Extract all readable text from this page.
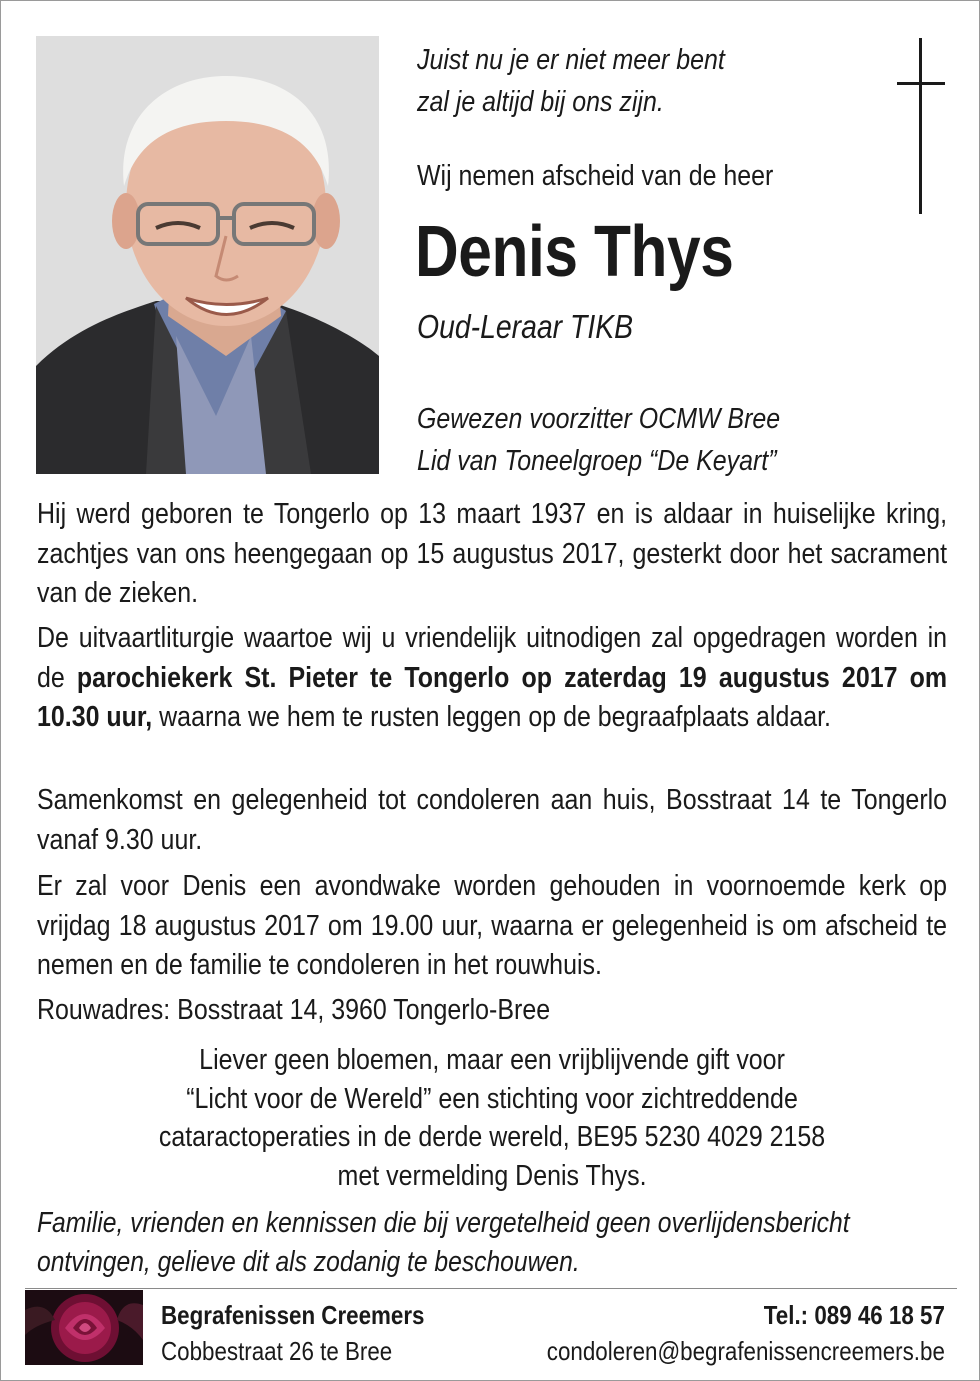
Juist nu je er niet meer bent
zal je altijd bij ons zijn.
Wij nemen afscheid van de heer
Denis Thys
Oud-Leraar TIKB
Gewezen voorzitter OCMW Bree
Lid van Toneelgroep “De Keyart”
Hij werd geboren te Tongerlo op 13 maart 1937 en is aldaar in huiselijke kring, zachtjes van ons heengegaan op 15 augustus 2017, gesterkt door het sacrament van de zieken.
De uitvaartliturgie waartoe wij u vriendelijk uitnodigen zal opgedragen worden in de parochiekerk St. Pieter te Tongerlo op zaterdag 19 augustus 2017 om 10.30 uur, waarna we hem te rusten leggen op de begraafplaats aldaar.
Samenkomst en gelegenheid tot condoleren aan huis, Bosstraat 14 te Tongerlo vanaf 9.30 uur.
Er zal voor Denis een avondwake worden gehouden in voornoemde kerk op vrijdag 18 augustus 2017 om 19.00 uur, waarna er gelegenheid is om afscheid te nemen en de familie te condoleren in het rouwhuis.
Rouwadres: Bosstraat 14, 3960 Tongerlo-Bree
Liever geen bloemen, maar een vrijblijvende gift voor
“Licht voor de Wereld” een stichting voor zichtreddende
cataractoperaties in de derde wereld, BE95 5230 4029 2158
met vermelding Denis Thys.
Familie, vrienden en kennissen die bij vergetelheid geen overlijdensbericht
ontvingen, gelieve dit als zodanig te beschouwen.
Begrafenissen Creemers
Cobbestraat 26 te Bree
Tel.: 089 46 18 57
condoleren@begrafenissencreemers.be
